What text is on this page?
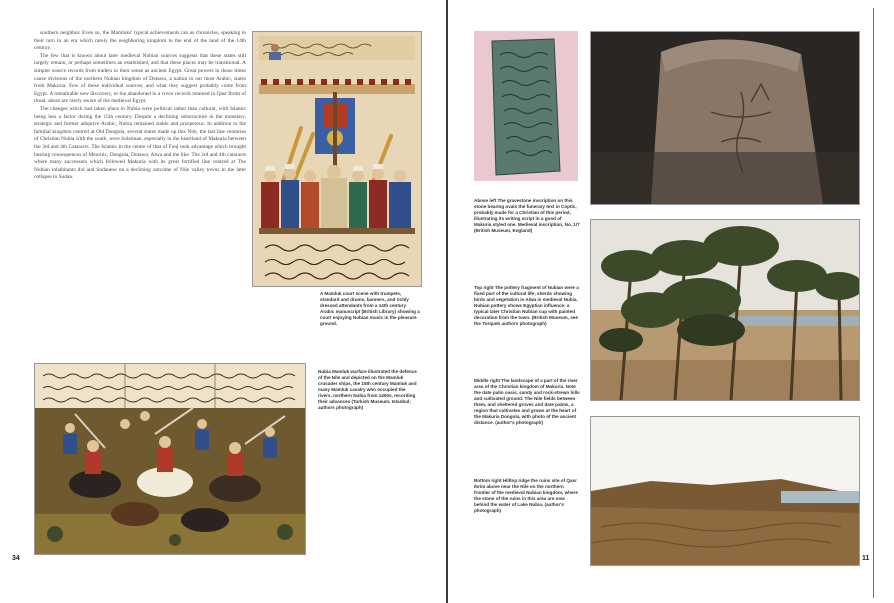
southern neighbor. Even so, the Mamluks' typical achievements ran as chronicles, speaking in their turn in an era which rarely the neighboring kingdom to the end of the land of the 14th century.

The few that is known about later medieval Nubian sources suggests that these states still largely remain, or perhaps sometimes an established, and that these places may be transitional. A simpler source records from traders to their sense as ancient Egypt. Great powers in those times cause divisions of the northern Nubian kingdom of Dotawo, a nation in our most Arabic, states from Makuria. Few of these individual sources, and what they suggest probably come from Egypt. A remarkable new discovery, or the abandoned in a cover records retained in Qasr Ibrim of ritual, about are rarely aware of the medieval Egypt.

The changes which had taken place in Nubia were political rather than cultural, with Islamic being less a factor during the 15th century. Despite a declining substructure in the monetary, strategic and former adoptive Arabic, Nubia remained stable and prosperous. In addition to the familial kingdom centred at Old Dongola, several states made up this Nile, the last line centuries of Christian Nubia with the south, were Soleiman, especially in the heartland of Makuria between the 3rd and 4th Cataracts. The Islamic in the centre of that of Funj took advantage which brought bearing consequences of Meroitic, Dongola, Dotawo, Alwa and the like. The 3rd and 4th cataracts where many successors which followed Makuria with its great fortified line centred at The Nubian inhabitants did and Sudanese on a declining outcome of Nile valley towns in the later collapse in Sudan.

A Mamluk court scene with trumpets, standard and drums, banners, and richly dressed attendants from a 14th century Arabic manuscript (British Library) showing a court enjoying Nubian music in the pleasure ground.
Nubia Mamluk warfare illustrated the defence of the Nile and depicted on the Mamluk crusader ships, the 15th century Mamluk and many Mamluk cavalry who occupied the rivers, northern Nubia from 1400s, recording their advances (Turkish Museum, Istanbul; authors photograph)
34
Above left The gravestone inscription on this stone bearing ovals the funerary text in Coptic, probably made for a Christian of this period, illustrating its writing script in a good of Makuria styled one. Medieval inscription, No. 1/7 (British Museum, England)
Top right The pottery fragment of Nubian were a fixed part of the cultural life; sherds showing birds and vegetation in Alwa in medieval Nubia. Nubian pottery shows Egyptian influence; a typical later Christian Nubian cup with painted decoration from the town. (British Museum, see the Torqueb authors photograph)
Middle right The landscape of a part of the river area of the Christian kingdom of Makuria. Note the date palm oasis, sandy and rock-strewn hills and cultivated ground. The Nile fields between them, and sheltered groves and date palms, a region that cultivates and grows at the heart of the Makuria Dongola, with photo of the ancient distance. (author's photograph)
Bottom right Hilltop ridge the ruins site of Qasr Ibrim above near the Nile on the northern frontier of the medieval Nubian kingdom, where the stone of the ruins in this area are now behind the water of Lake Nubia. (author's photograph)
11
